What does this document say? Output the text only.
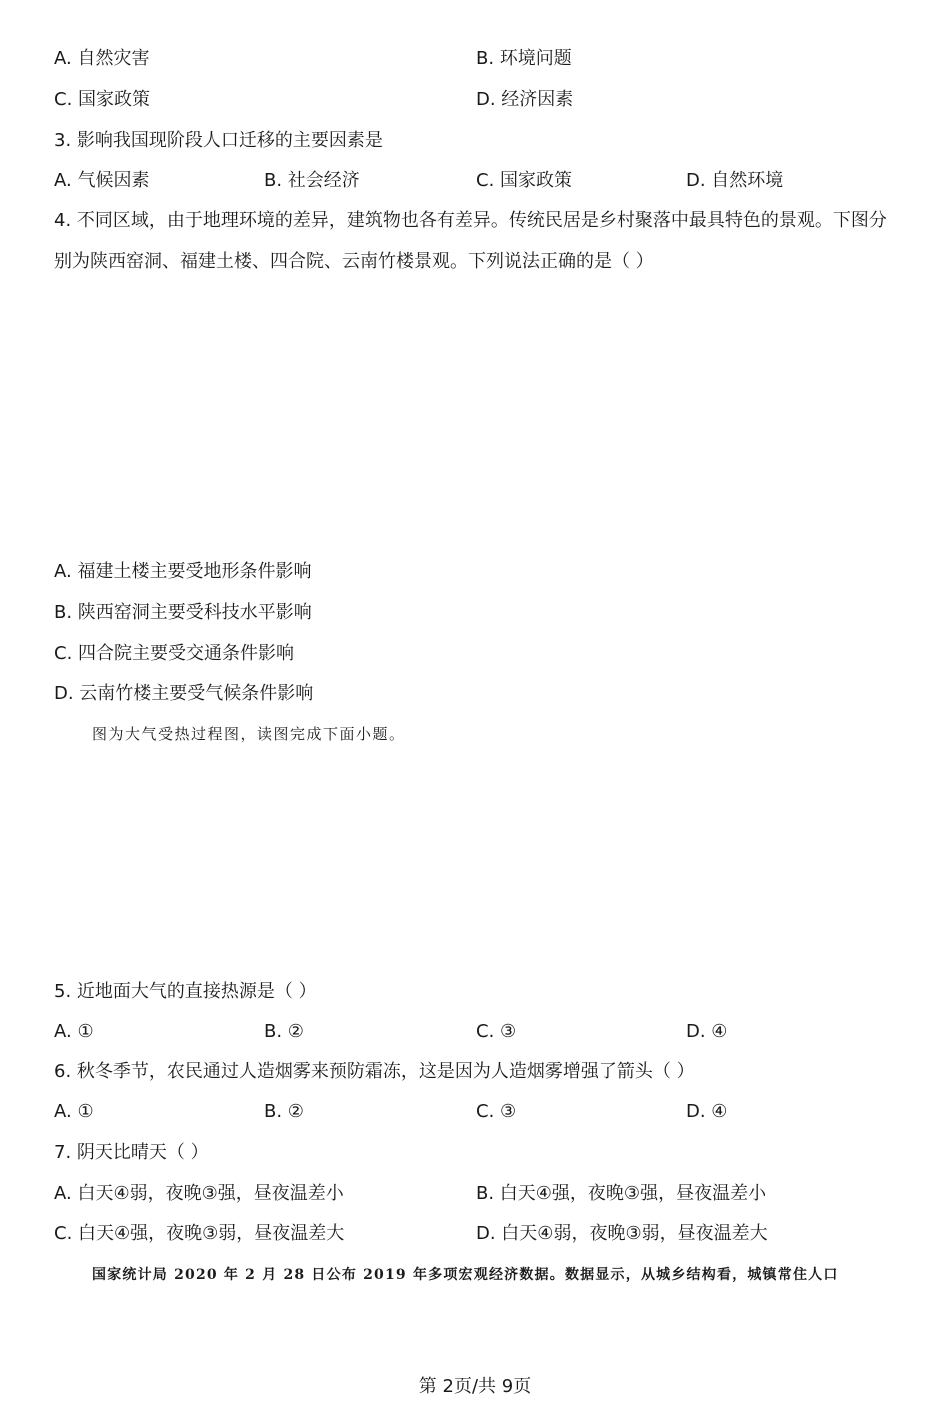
A. 自然灾害	B. 环境问题
C. 国家政策	D. 经济因素
3. 影响我国现阶段人口迁移的主要因素是
A. 气候因素	B. 社会经济	C. 国家政策	D. 自然环境
4. 不同区域，由于地理环境的差异，建筑物也各有差异。传统民居是乡村聚落中最具特色的景观。下图分
别为陕西窑洞、福建土楼、四合院、云南竹楼景观。下列说法正确的是（ ）
A. 福建土楼主要受地形条件影响
B. 陕西窑洞主要受科技水平影响
C. 四合院主要受交通条件影响
D. 云南竹楼主要受气候条件影响
图为大气受热过程图，读图完成下面小题。
5. 近地面大气的直接热源是（ ）
A. ①	B. ②	C. ③	D. ④
6. 秋冬季节，农民通过人造烟雾来预防霜冻，这是因为人造烟雾增强了箭头（ ）
A. ①	B. ②	C. ③	D. ④
7. 阴天比晴天（ ）
A. 白天④弱，夜晚③强，昼夜温差小	B. 白天④强，夜晚③强，昼夜温差小
C. 白天④强，夜晚③弱，昼夜温差大	D. 白天④弱，夜晚③弱，昼夜温差大
国家统计局 2020 年 2 月 28 日公布 2019 年多项宏观经济数据。数据显示，从城乡结构看，城镇常住人口
第 2页/共 9页
